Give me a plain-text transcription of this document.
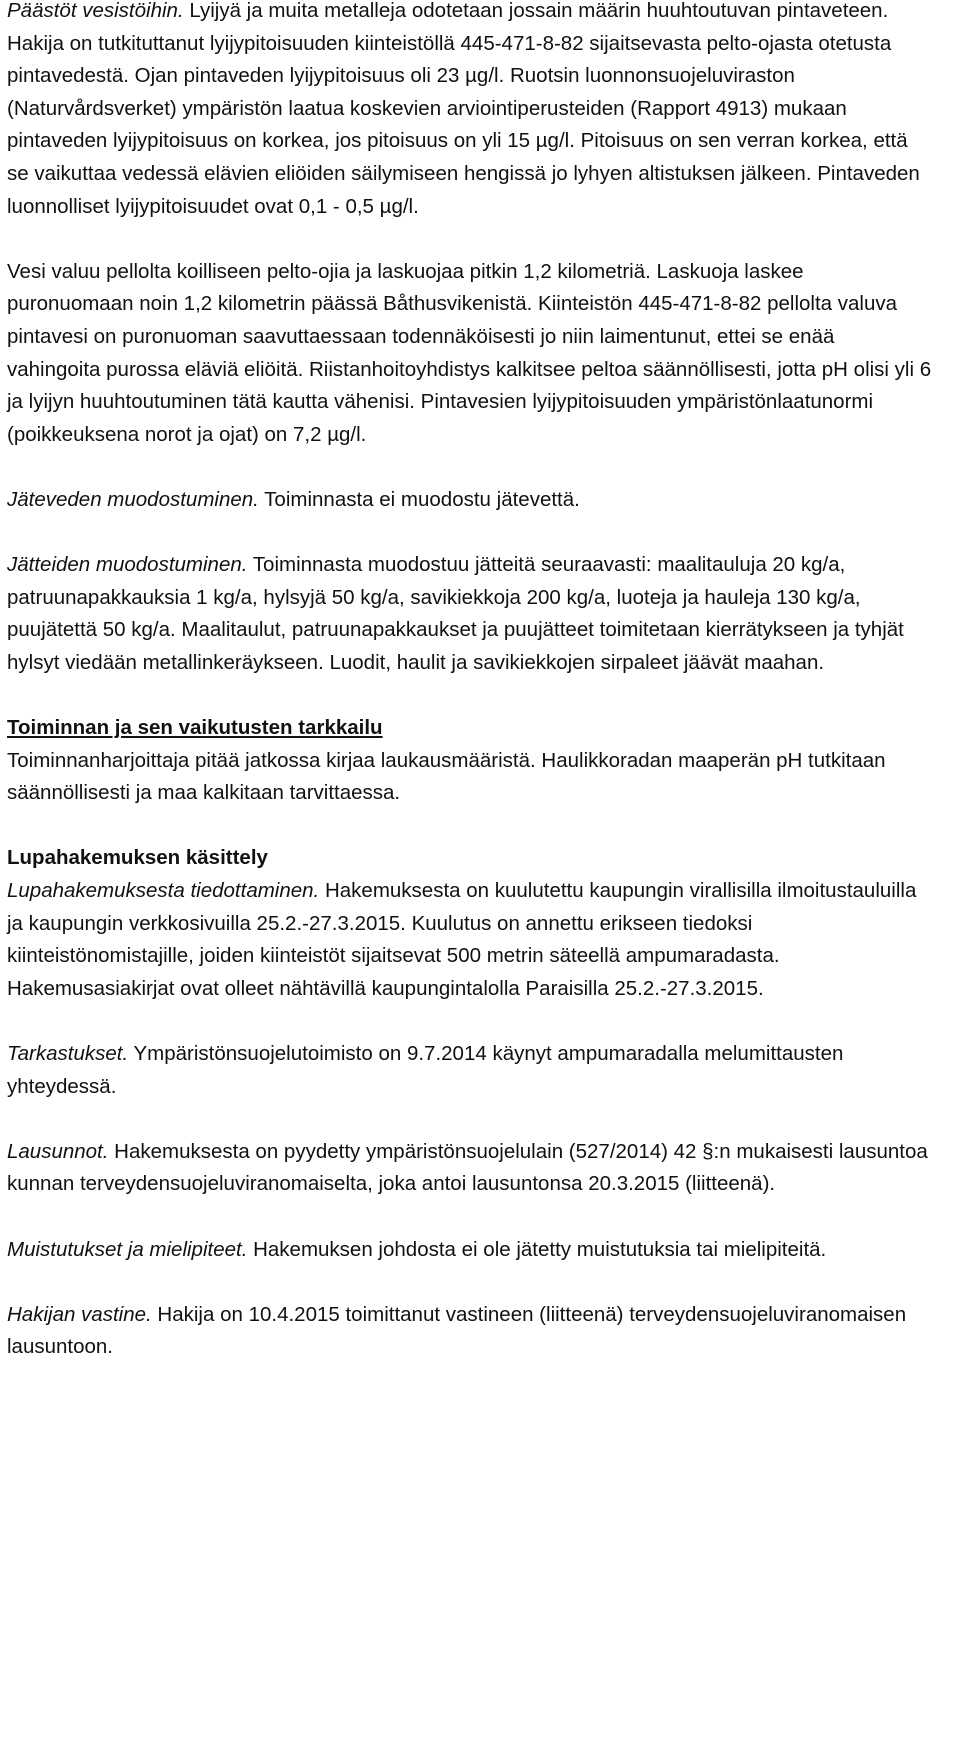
Päästöt vesistöihin. Lyijyä ja muita metalleja odotetaan jossain määrin huuhtoutuvan pintaveteen. Hakija on tutkituttanut lyijypitoisuuden kiinteistöllä 445-471-8-82 sijaitsevasta pelto-ojasta otetusta pintavedestä. Ojan pintaveden lyijypitoisuus oli 23 µg/l. Ruotsin luonnonsuojeluviraston (Naturvårdsverket) ympäristön laatua koskevien arviointiperusteiden (Rapport 4913) mukaan pintaveden lyijypitoisuus on korkea, jos pitoisuus on yli 15 µg/l. Pitoisuus on sen verran korkea, että se vaikuttaa vedessä elävien eliöiden säilymiseen hengissä jo lyhyen altistuksen jälkeen. Pintaveden luonnolliset lyijypitoisuudet ovat 0,1 - 0,5 µg/l.

Vesi valuu pellolta koilliseen pelto-ojia ja laskuojaa pitkin 1,2 kilometriä. Laskuoja laskee puronuomaan noin 1,2 kilometrin päässä Båthusvikenistä. Kiinteistön 445-471-8-82 pellolta valuva pintavesi on puronuoman saavuttaessaan todennäköisesti jo niin laimentunut, ettei se enää vahingoita purossa eläviä eliöitä. Riistanhoitoyhdistys kalkitsee peltoa säännöllisesti, jotta pH olisi yli 6 ja lyijyn huuhtoutuminen tätä kautta vähenisi. Pintavesien lyijypitoisuuden ympäristönlaatunormi (poikkeuksena norot ja ojat) on 7,2 µg/l.

Jäteveden muodostuminen. Toiminnasta ei muodostu jätevettä.

Jätteiden muodostuminen. Toiminnasta muodostuu jätteitä seuraavasti: maalitauluja 20 kg/a, patruunapakkauksia 1 kg/a, hylsyjä 50 kg/a, savikiekkoja 200 kg/a, luoteja ja hauleja 130 kg/a, puujätettä 50 kg/a. Maalitaulut, patruunapakkaukset ja puujätteet toimitetaan kierrätykseen ja tyhjät hylsyt viedään metallinkeräykseen. Luodit, haulit ja savikiekkojen sirpaleet jäävät maahan.

Toiminnan ja sen vaikutusten tarkkailu

Toiminnanharjoittaja pitää jatkossa kirjaa laukausmääristä. Haulikkoradan maaperän pH tutkitaan säännöllisesti ja maa kalkitaan tarvittaessa.

Lupahakemuksen käsittely

Lupahakemuksesta tiedottaminen. Hakemuksesta on kuulutettu kaupungin virallisilla ilmoitustauluilla ja kaupungin verkkosivuilla 25.2.-27.3.2015. Kuulutus on annettu erikseen tiedoksi kiinteistönomistajille, joiden kiinteistöt sijaitsevat 500 metrin säteellä ampumaradasta. Hakemusasiakirjat ovat olleet nähtävillä kaupungintalolla Paraisilla 25.2.-27.3.2015.

Tarkastukset. Ympäristönsuojelutoimisto on 9.7.2014 käynyt ampumaradalla melumittausten yhteydessä.

Lausunnot. Hakemuksesta on pyydetty ympäristönsuojelulain (527/2014) 42 §:n mukaisesti lausuntoa kunnan terveydensuojeluviranomaiselta, joka antoi lausuntonsa 20.3.2015 (liitteenä).

Muistutukset ja mielipiteet. Hakemuksen johdosta ei ole jätetty muistutuksia tai mielipiteitä.

Hakijan vastine. Hakija on 10.4.2015 toimittanut vastineen (liitteenä) terveydensuojeluviranomaisen lausuntoon.
